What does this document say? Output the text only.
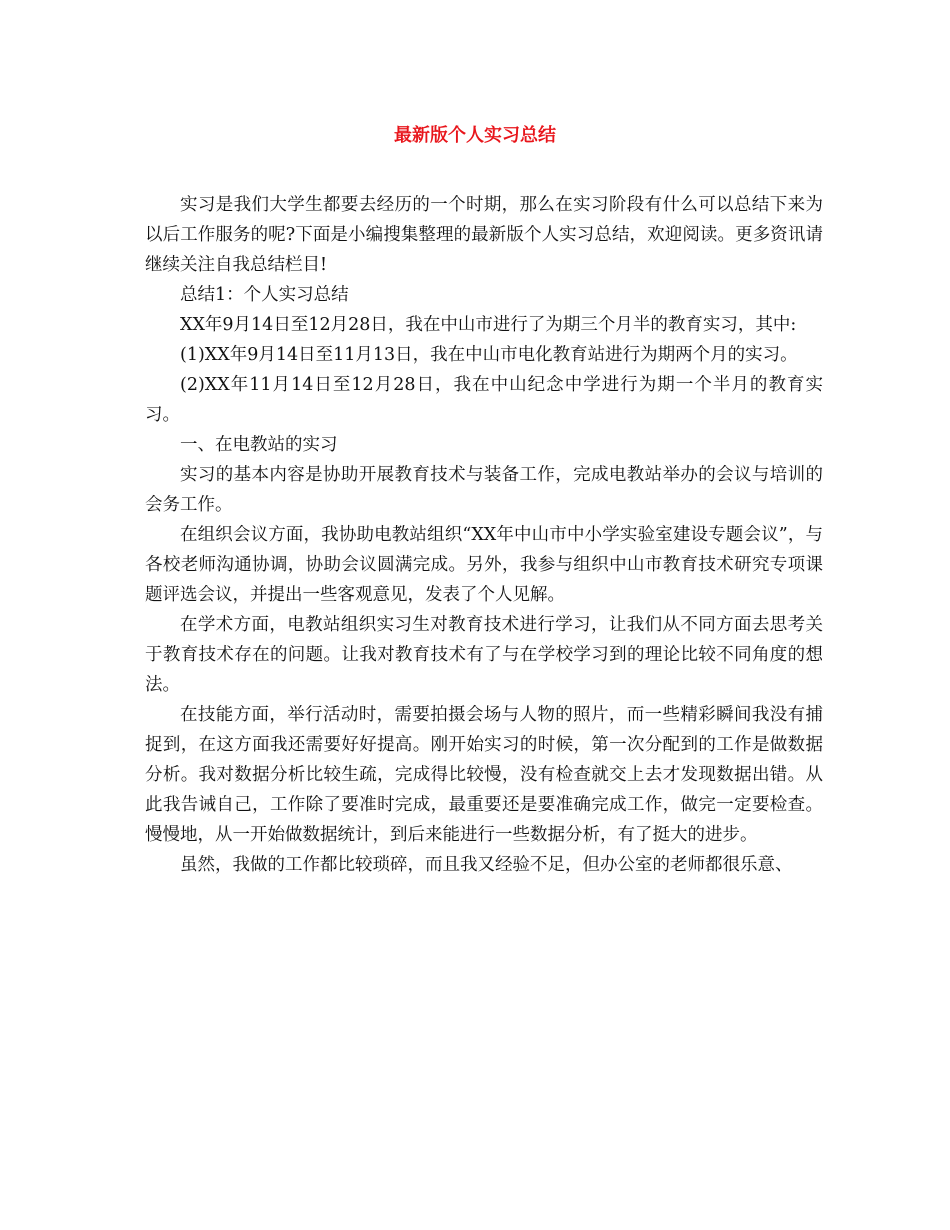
最新版个人实习总结

实习是我们大学生都要去经历的一个时期，那么在实习阶段有什么可以总结下来为以后工作服务的呢?下面是小编搜集整理的最新版个人实习总结，欢迎阅读。更多资讯请继续关注自我总结栏目!

总结1：个人实习总结

XX年9月14日至12月28日，我在中山市进行了为期三个月半的教育实习，其中:

(1)XX年9月14日至11月13日，我在中山市电化教育站进行为期两个月的实习。

(2)XX年11月14日至12月28日，我在中山纪念中学进行为期一个半月的教育实习。

一、在电教站的实习

实习的基本内容是协助开展教育技术与装备工作，完成电教站举办的会议与培训的会务工作。

在组织会议方面，我协助电教站组织“XX年中山市中小学实验室建设专题会议”，与各校老师沟通协调，协助会议圆满完成。另外，我参与组织中山市教育技术研究专项课题评选会议，并提出一些客观意见，发表了个人见解。

在学术方面，电教站组织实习生对教育技术进行学习，让我们从不同方面去思考关于教育技术存在的问题。让我对教育技术有了与在学校学习到的理论比较不同角度的想法。

在技能方面，举行活动时，需要拍摄会场与人物的照片，而一些精彩瞬间我没有捕捉到，在这方面我还需要好好提高。刚开始实习的时候，第一次分配到的工作是做数据分析。我对数据分析比较生疏，完成得比较慢，没有检查就交上去才发现数据出错。从此我告诫自己，工作除了要准时完成，最重要还是要准确完成工作，做完一定要检查。慢慢地，从一开始做数据统计，到后来能进行一些数据分析，有了挺大的进步。

虽然，我做的工作都比较琐碎，而且我又经验不足，但办公室的老师都很乐意、
